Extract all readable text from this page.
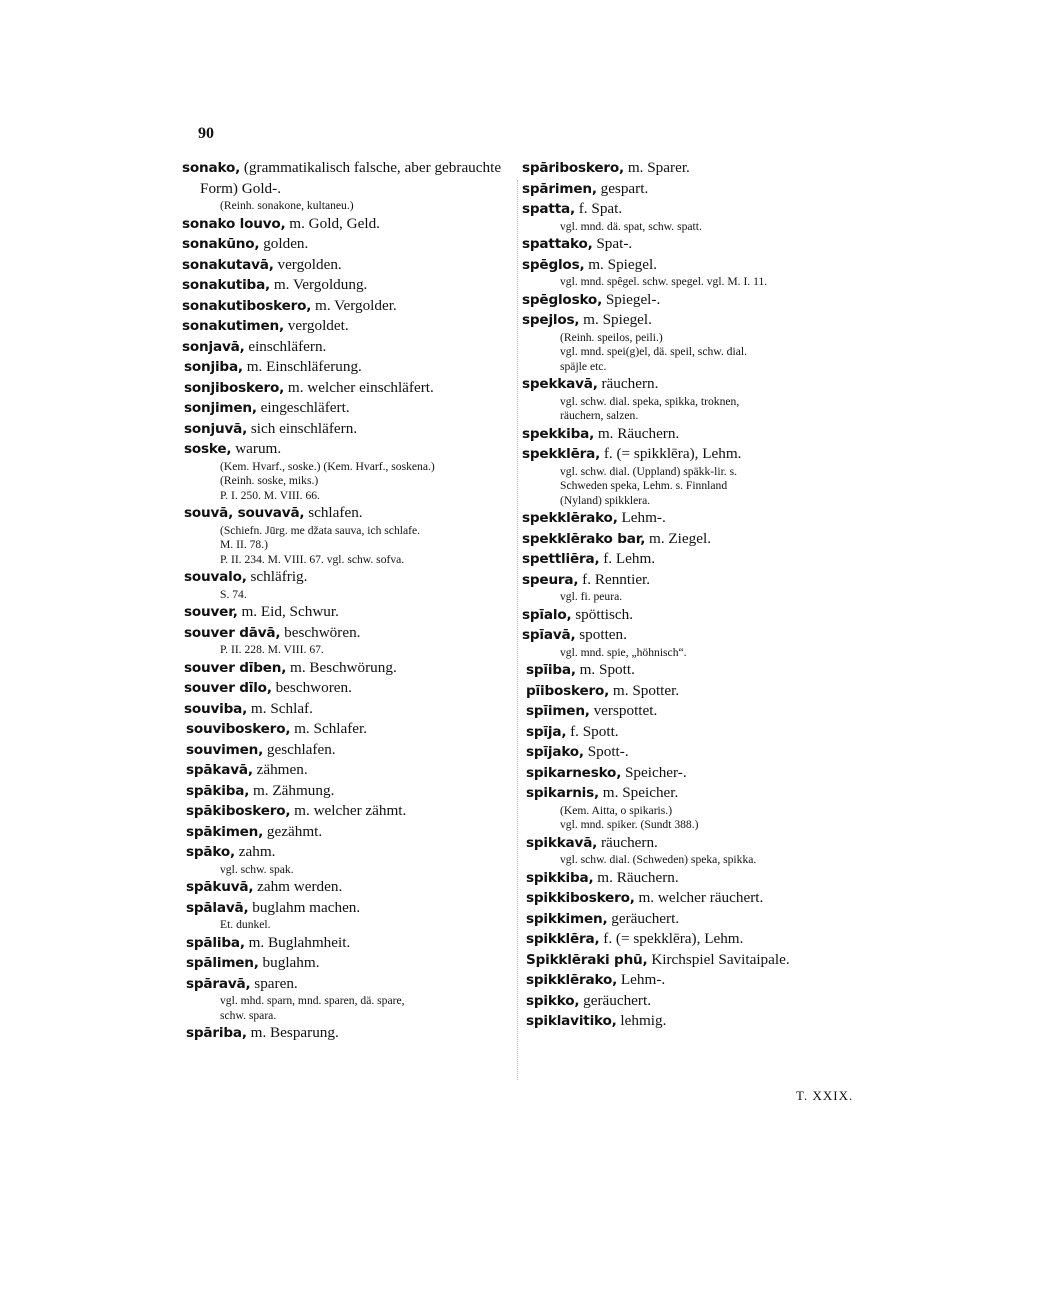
90
sonako, (grammatikalisch falsche, aber gebrauchte Form) Gold-.
(Reinh. sonakone, kultaneu.)
sonako louvo, m. Gold, Geld.
sonakūno, golden.
sonakutavā, vergolden.
sonakutiba, m. Vergoldung.
sonakutiboskero, m. Vergolder.
sonakutimen, vergoldet.
sonjavā, einschläfern.
sonjiba, m. Einschläferung.
sonjiboskero, m. welcher einschläfert.
sonjimen, eingeschläfert.
sonjuvā, sich einschläfern.
soske, warum.
(Kem. Hvarf., soske.) (Kem. Hvarf., soskena.)
(Reinh. soske, miks.)
P. I. 250. M. VIII. 66.
souvā, souvavā, schlafen.
(Schiefn. Jūrg. me džata sauva, ich schlafe.
M. II. 78.)
P. II. 234. M. VIII. 67. vgl. schw. sofva.
souvalo, schläfrig.
S. 74.
souver, m. Eid, Schwur.
souver dāvā, beschwören.
P. II. 228. M. VIII. 67.
souver dīben, m. Beschwörung.
souver dīlo, beschworen.
souviba, m. Schlaf.
souviboskero, m. Schlafer.
souvimen, geschlafen.
spākavā, zähmen.
spākiba, m. Zähmung.
spākiboskero, m. welcher zähmt.
spākimen, gezähmt.
spāko, zahm.
vgl. schw. spak.
spākuvā, zahm werden.
spālavā, buglahm machen.
Et. dunkel.
spāliba, m. Buglahmheit.
spālimen, buglahm.
spāravā, sparen.
vgl. mhd. sparn, mnd. sparen, dä. spare,
schw. spara.
spāriba, m. Besparung.
spāriboskero, m. Sparer.
spārimen, gespart.
spatta, f. Spat.
vgl. mnd. dä. spat, schw. spatt.
spattako, Spat-.
spēglos, m. Spiegel.
vgl. mnd. spêgel. schw. spegel. vgl. M. I. 11.
spēglosko, Spiegel-.
spejlos, m. Spiegel.
(Reinh. speilos, peili.)
vgl. mnd. spei(g)el, dä. speil, schw. dial.
späjle etc.
spekkavā, räuchern.
vgl. schw. dial. speka, spikka, troknen,
räuchern, salzen.
spekkiba, m. Räuchern.
spekklēra, f. (= spikklēra), Lehm.
vgl. schw. dial. (Uppland) späkk-lir. s.
Schweden speka, Lehm. s. Finnland
(Nyland) spikklera.
spekklērako, Lehm-.
spekklērako bar, m. Ziegel.
spettliēra, f. Lehm.
speura, f. Renntier.
vgl. fi. peura.
spīalo, spöttisch.
spīavā, spotten.
vgl. mnd. spie, „höhnisch“.
spīiba, m. Spott.
pīiboskero, m. Spotter.
spīimen, verspottet.
spīja, f. Spott.
spījako, Spott-.
spikarnesko, Speicher-.
spikarnis, m. Speicher.
(Kem. Aitta, o spikaris.)
vgl. mnd. spiker. (Sundt 388.)
spikkavā, räuchern.
vgl. schw. dial. (Schweden) speka, spikka.
spikkiba, m. Räuchern.
spikkiboskero, m. welcher räuchert.
spikkimen, geräuchert.
spikklēra, f. (= spekklēra), Lehm.
Spikklēraki phū, Kirchspiel Savitaipale.
spikklērako, Lehm-.
spikko, geräuchert.
spiklavitiko, lehmig.
T. XXIX.
